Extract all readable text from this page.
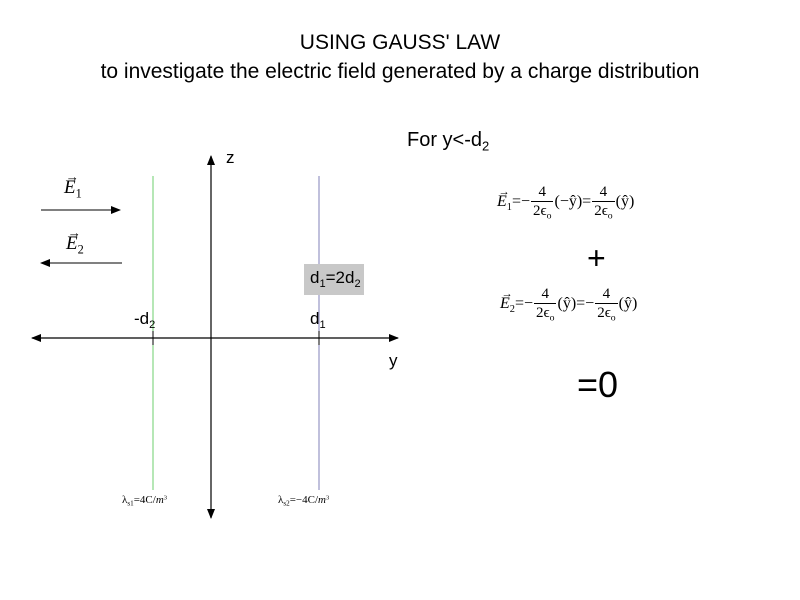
USING GAUSS' LAW
to investigate the electric field generated by a charge distribution
z
y
$-d_2$	$d_1$
$d_1=2d_2$
→ $E_1$
→ $E_2$
$\lambda_{s1}=4C/m^3$	$\lambda_{s2}=-4C/m^3$
For $y<-d_2$
→ $E_1=- \frac{4}{2\epsilon_o}$ (−ŷ)= $\frac{4}{2\epsilon_o}$ (ŷ)
+
→ $E_2=- \frac{4}{2\epsilon_o}$ (ŷ)=− $\frac{4}{2\epsilon_o}$ (ŷ)
=0
